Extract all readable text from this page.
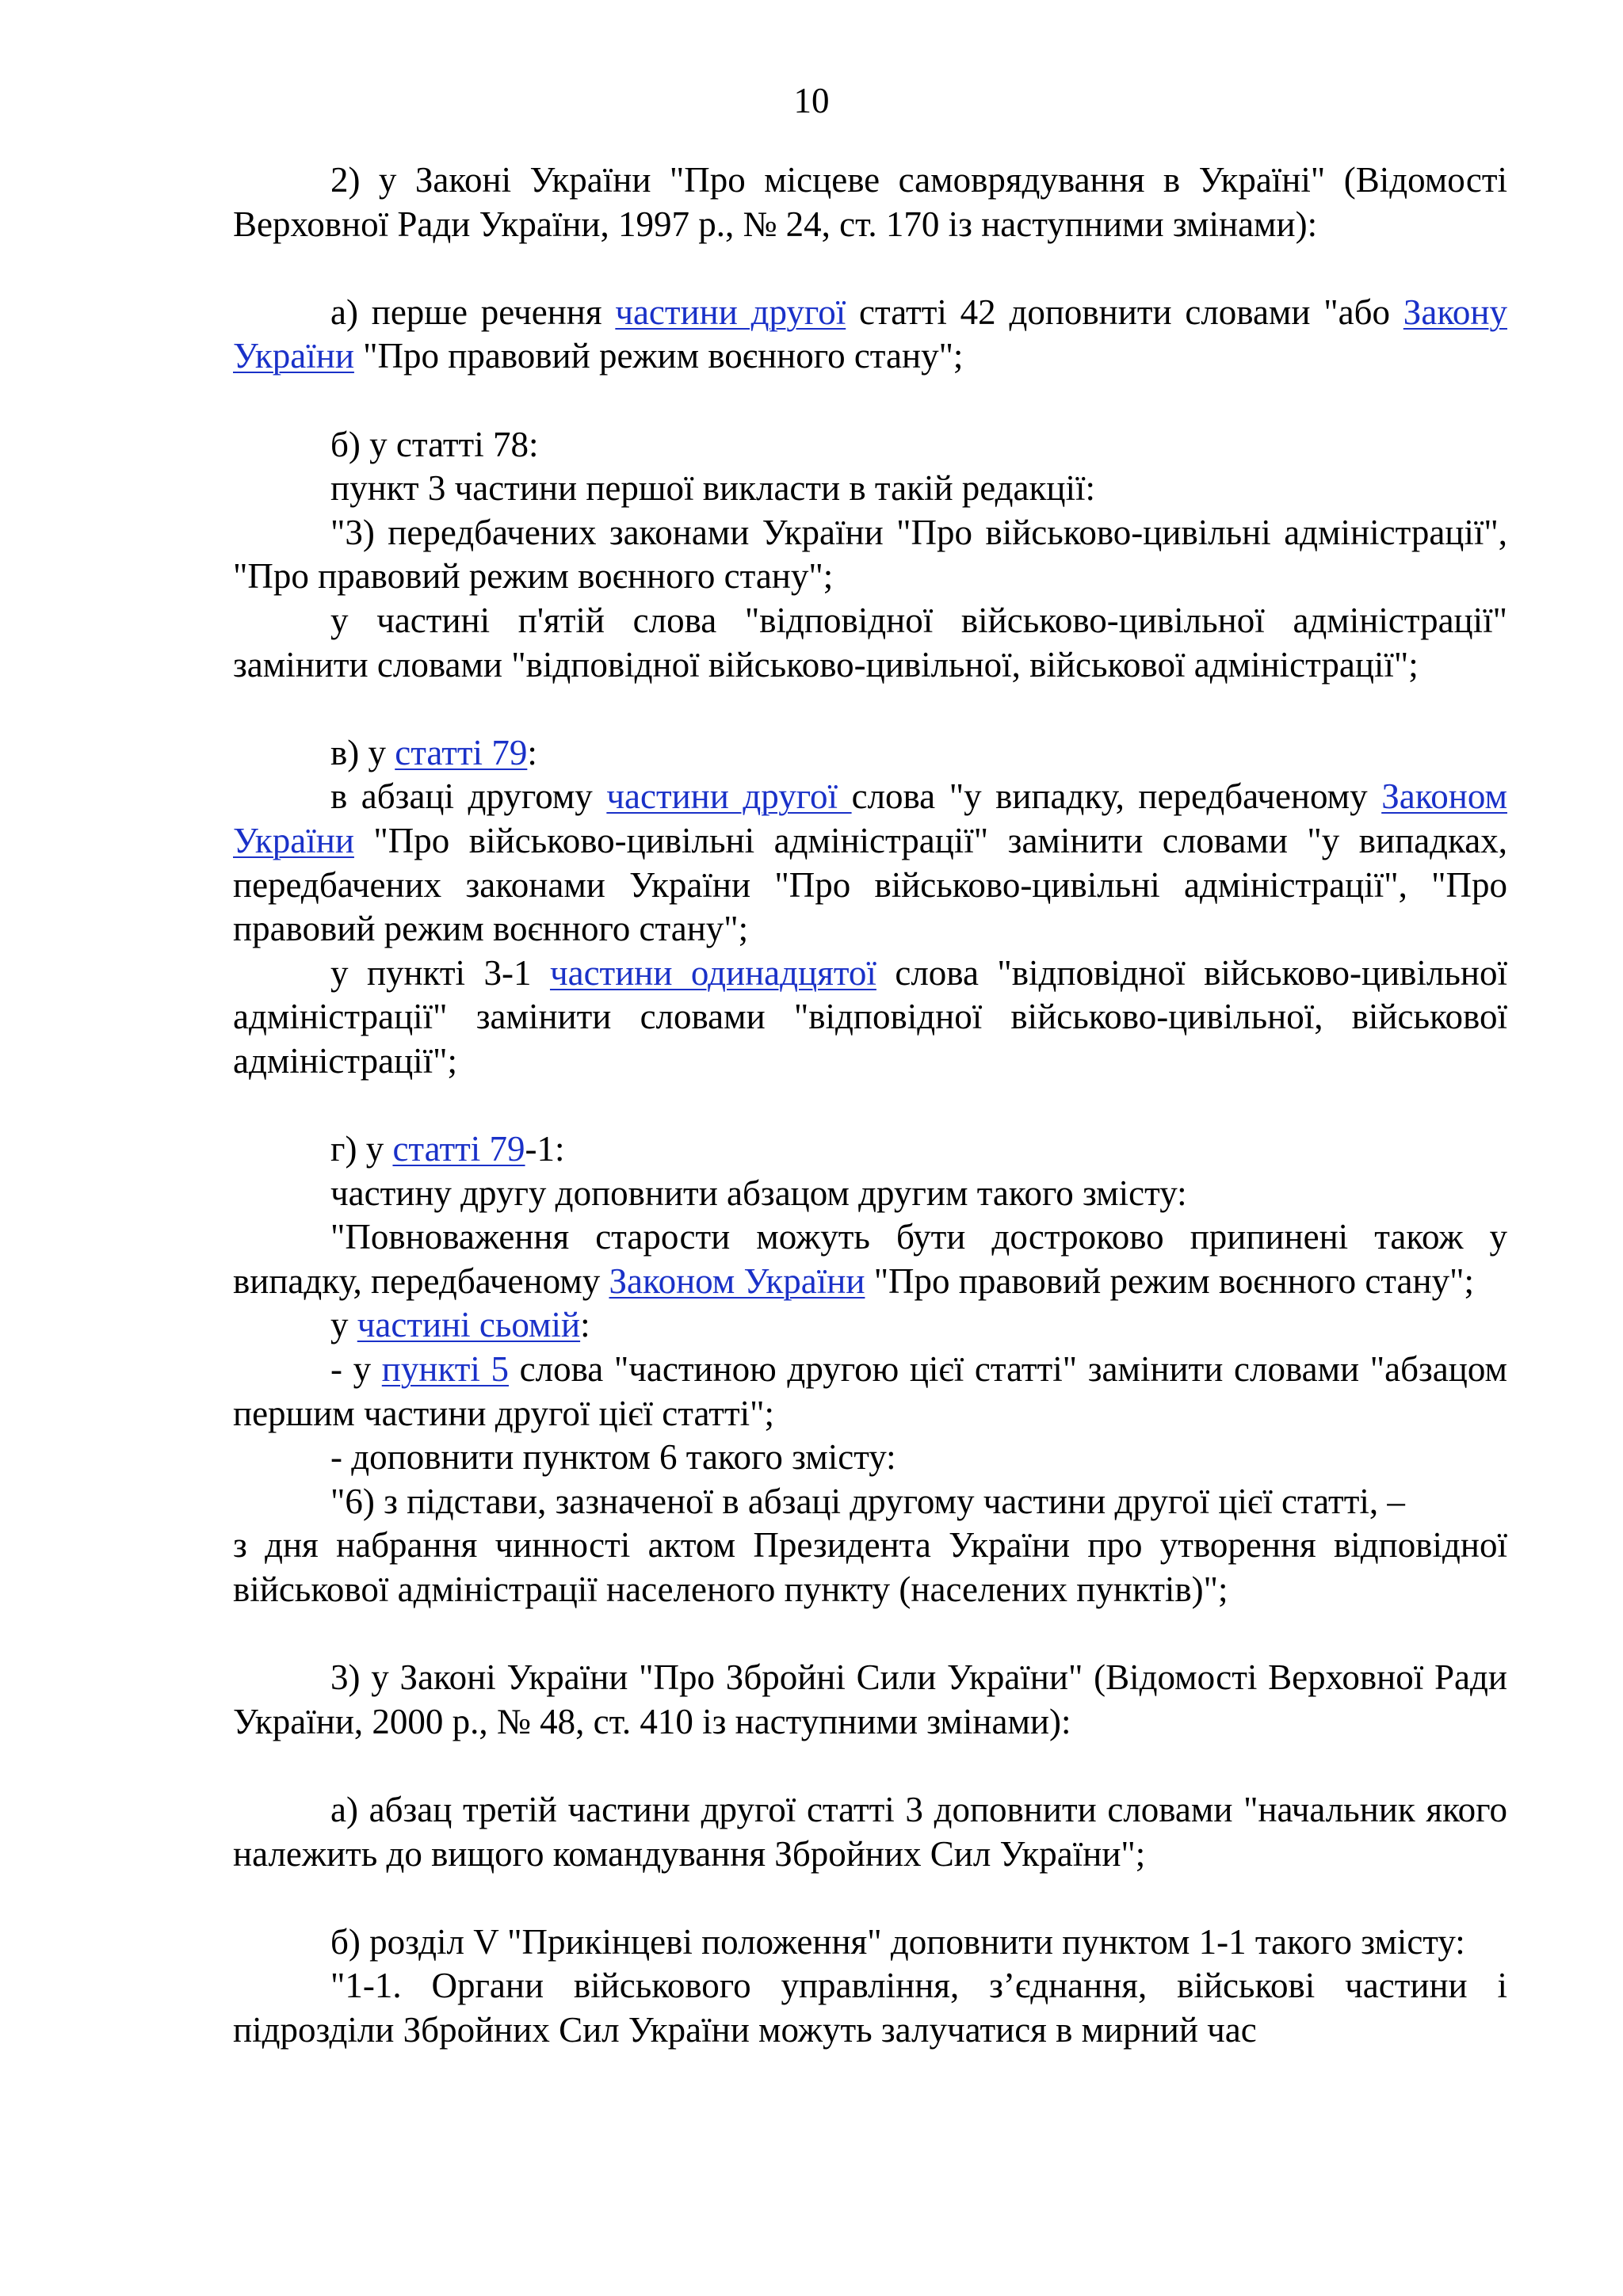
10

2) у Законі України "Про місцеве самоврядування в Україні" (Відомості Верховної Ради України, 1997 р., № 24, ст. 170 із наступними змінами):

а) перше речення частини другої статті 42 доповнити словами "або Закону України "Про правовий режим воєнного стану";

б) у статті 78:

пункт 3 частини першої викласти в такій редакції:

"3) передбачених законами України "Про військово-цивільні адміністрації", "Про правовий режим воєнного стану";

у частині п'ятій слова "відповідної військово-цивільної адміністрації" замінити словами "відповідної військово-цивільної, військової адміністрації";

в) у статті 79:

в абзаці другому частини другої слова "у випадку, передбаченому Законом України "Про військово-цивільні адміністрації" замінити словами "у випадках, передбачених законами України "Про військово-цивільні адміністрації", "Про правовий режим воєнного стану";

у пункті 3-1 частини одинадцятої слова "відповідної військово-цивільної адміністрації" замінити словами "відповідної військово-цивільної, військової адміністрації";

г) у статті 79-1:

частину другу доповнити абзацом другим такого змісту:

"Повноваження старости можуть бути достроково припинені також у випадку, передбаченому Законом України "Про правовий режим воєнного стану";

у частині сьомій:

- у пункті 5 слова "частиною другою цієї статті" замінити словами "абзацом першим частини другої цієї статті";

- доповнити пунктом 6 такого змісту:

"6) з підстави, зазначеної в абзаці другому частини другої цієї статті, –
з дня набрання чинності актом Президента України про утворення відповідної військової адміністрації населеного пункту (населених пунктів)";

3) у Законі України "Про Збройні Сили України" (Відомості Верховної Ради України, 2000 р., № 48, ст. 410 із наступними змінами):

а) абзац третій частини другої статті 3 доповнити словами "начальник якого належить до вищого командування Збройних Сил України";

б) розділ V "Прикінцеві положення" доповнити пунктом 1-1 такого змісту:

"1-1. Органи військового управління, з’єднання, військові частини і підрозділи Збройних Сил України можуть залучатися в мирний час
